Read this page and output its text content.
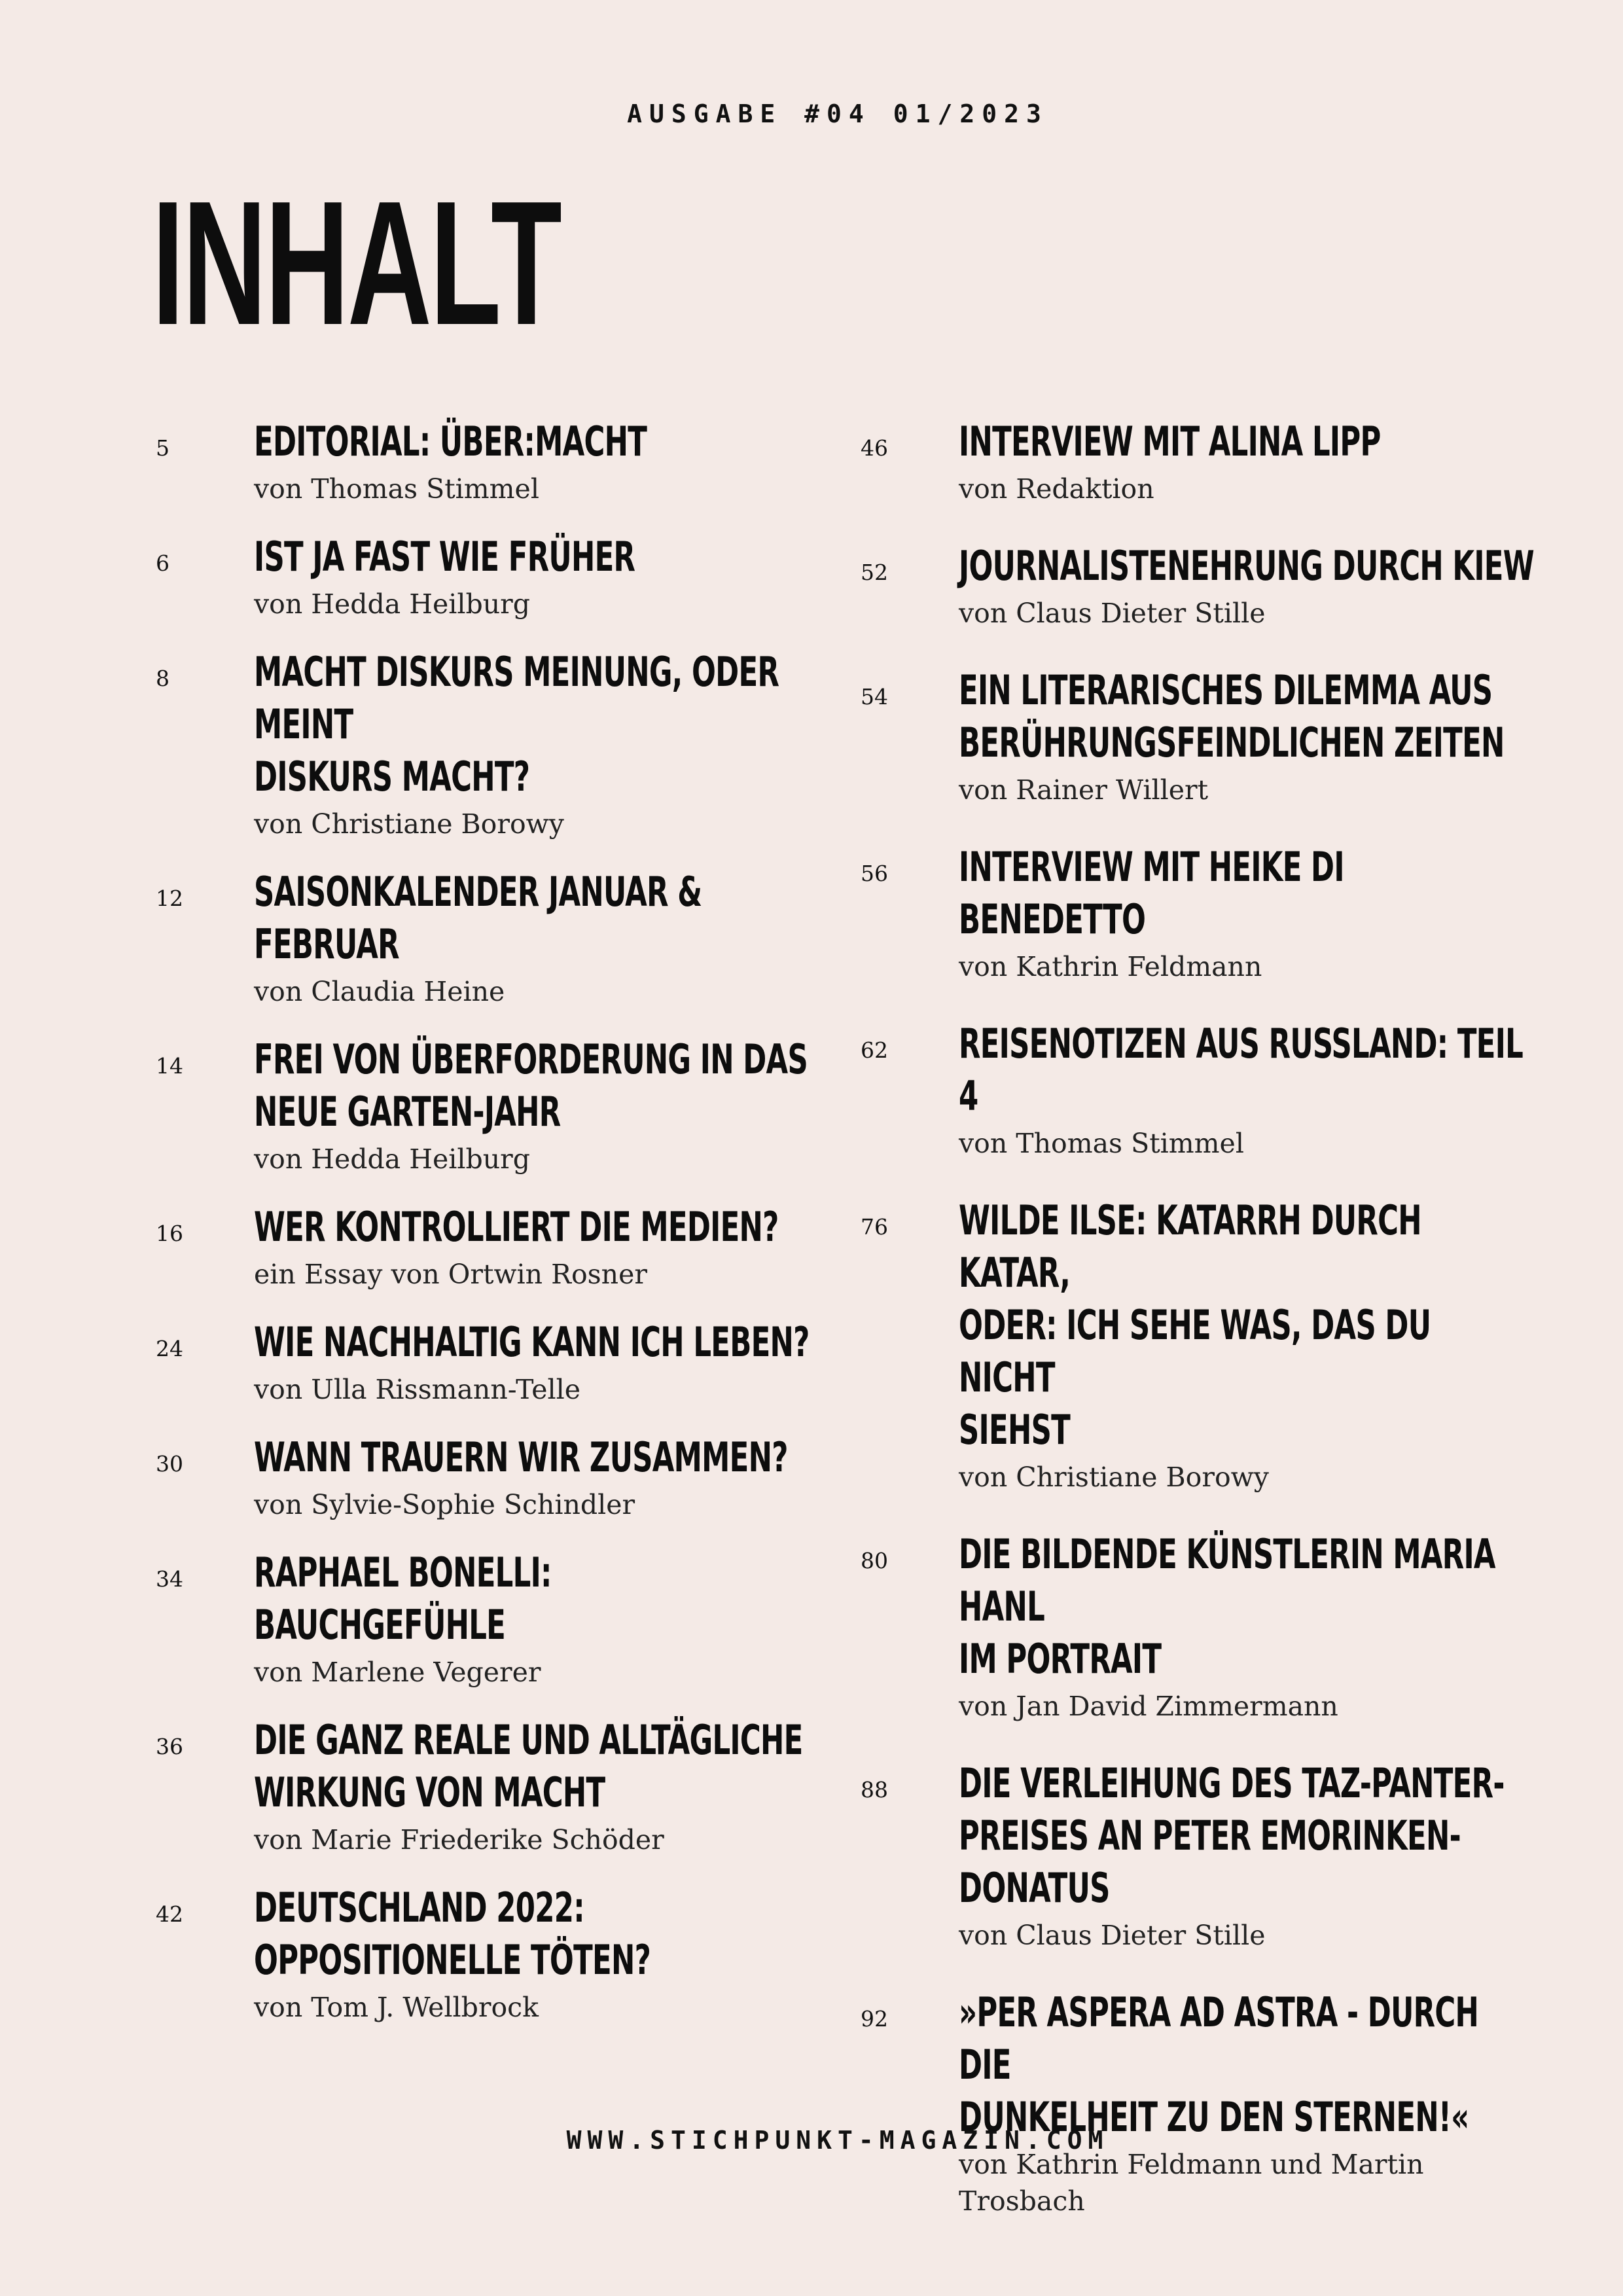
AUSGABE #04 01/2023
INHALT
5 EDITORIAL: ÜBER:MACHT
von Thomas Stimmel
6 IST JA FAST WIE FRÜHER
von Hedda Heilburg
8 MACHT DISKURS MEINUNG, ODER MEINT
DISKURS MACHT?
von Christiane Borowy
12 SAISONKALENDER JANUAR & FEBRUAR
von Claudia Heine
14 FREI VON ÜBERFORDERUNG IN DAS
NEUE GARTEN-JAHR
von Hedda Heilburg
16 WER KONTROLLIERT DIE MEDIEN?
ein Essay von Ortwin Rosner
24 WIE NACHHALTIG KANN ICH LEBEN?
von Ulla Rissmann-Telle
30 WANN TRAUERN WIR ZUSAMMEN?
von Sylvie-Sophie Schindler
34 RAPHAEL BONELLI: BAUCHGEFÜHLE
von Marlene Vegerer
36 DIE GANZ REALE UND ALLTÄGLICHE
WIRKUNG VON MACHT
von Marie Friederike Schöder
42 DEUTSCHLAND 2022:
OPPOSITIONELLE TÖTEN?
von Tom J. Wellbrock
46 INTERVIEW MIT ALINA LIPP
von Redaktion
52 JOURNALISTENEHRUNG DURCH KIEW
von Claus Dieter Stille
54 EIN LITERARISCHES DILEMMA AUS
BERÜHRUNGSFEINDLICHEN ZEITEN
von Rainer Willert
56 INTERVIEW MIT HEIKE DI BENEDETTO
von Kathrin Feldmann
62 REISENOTIZEN AUS RUSSLAND: TEIL 4
von Thomas Stimmel
76 WILDE ILSE: KATARRH DURCH KATAR,
ODER: ICH SEHE WAS, DAS DU NICHT
SIEHST
von Christiane Borowy
80 DIE BILDENDE KÜNSTLERIN MARIA HANL
IM PORTRAIT
von Jan David Zimmermann
88 DIE VERLEIHUNG DES TAZ-PANTER-
PREISES AN PETER EMORINKEN-
DONATUS
von Claus Dieter Stille
92 »PER ASPERA AD ASTRA - DURCH DIE
DUNKELHEIT ZU DEN STERNEN!«
von Kathrin Feldmann und Martin Trosbach
WWW.STICHPUNKT-MAGAZIN.COM
